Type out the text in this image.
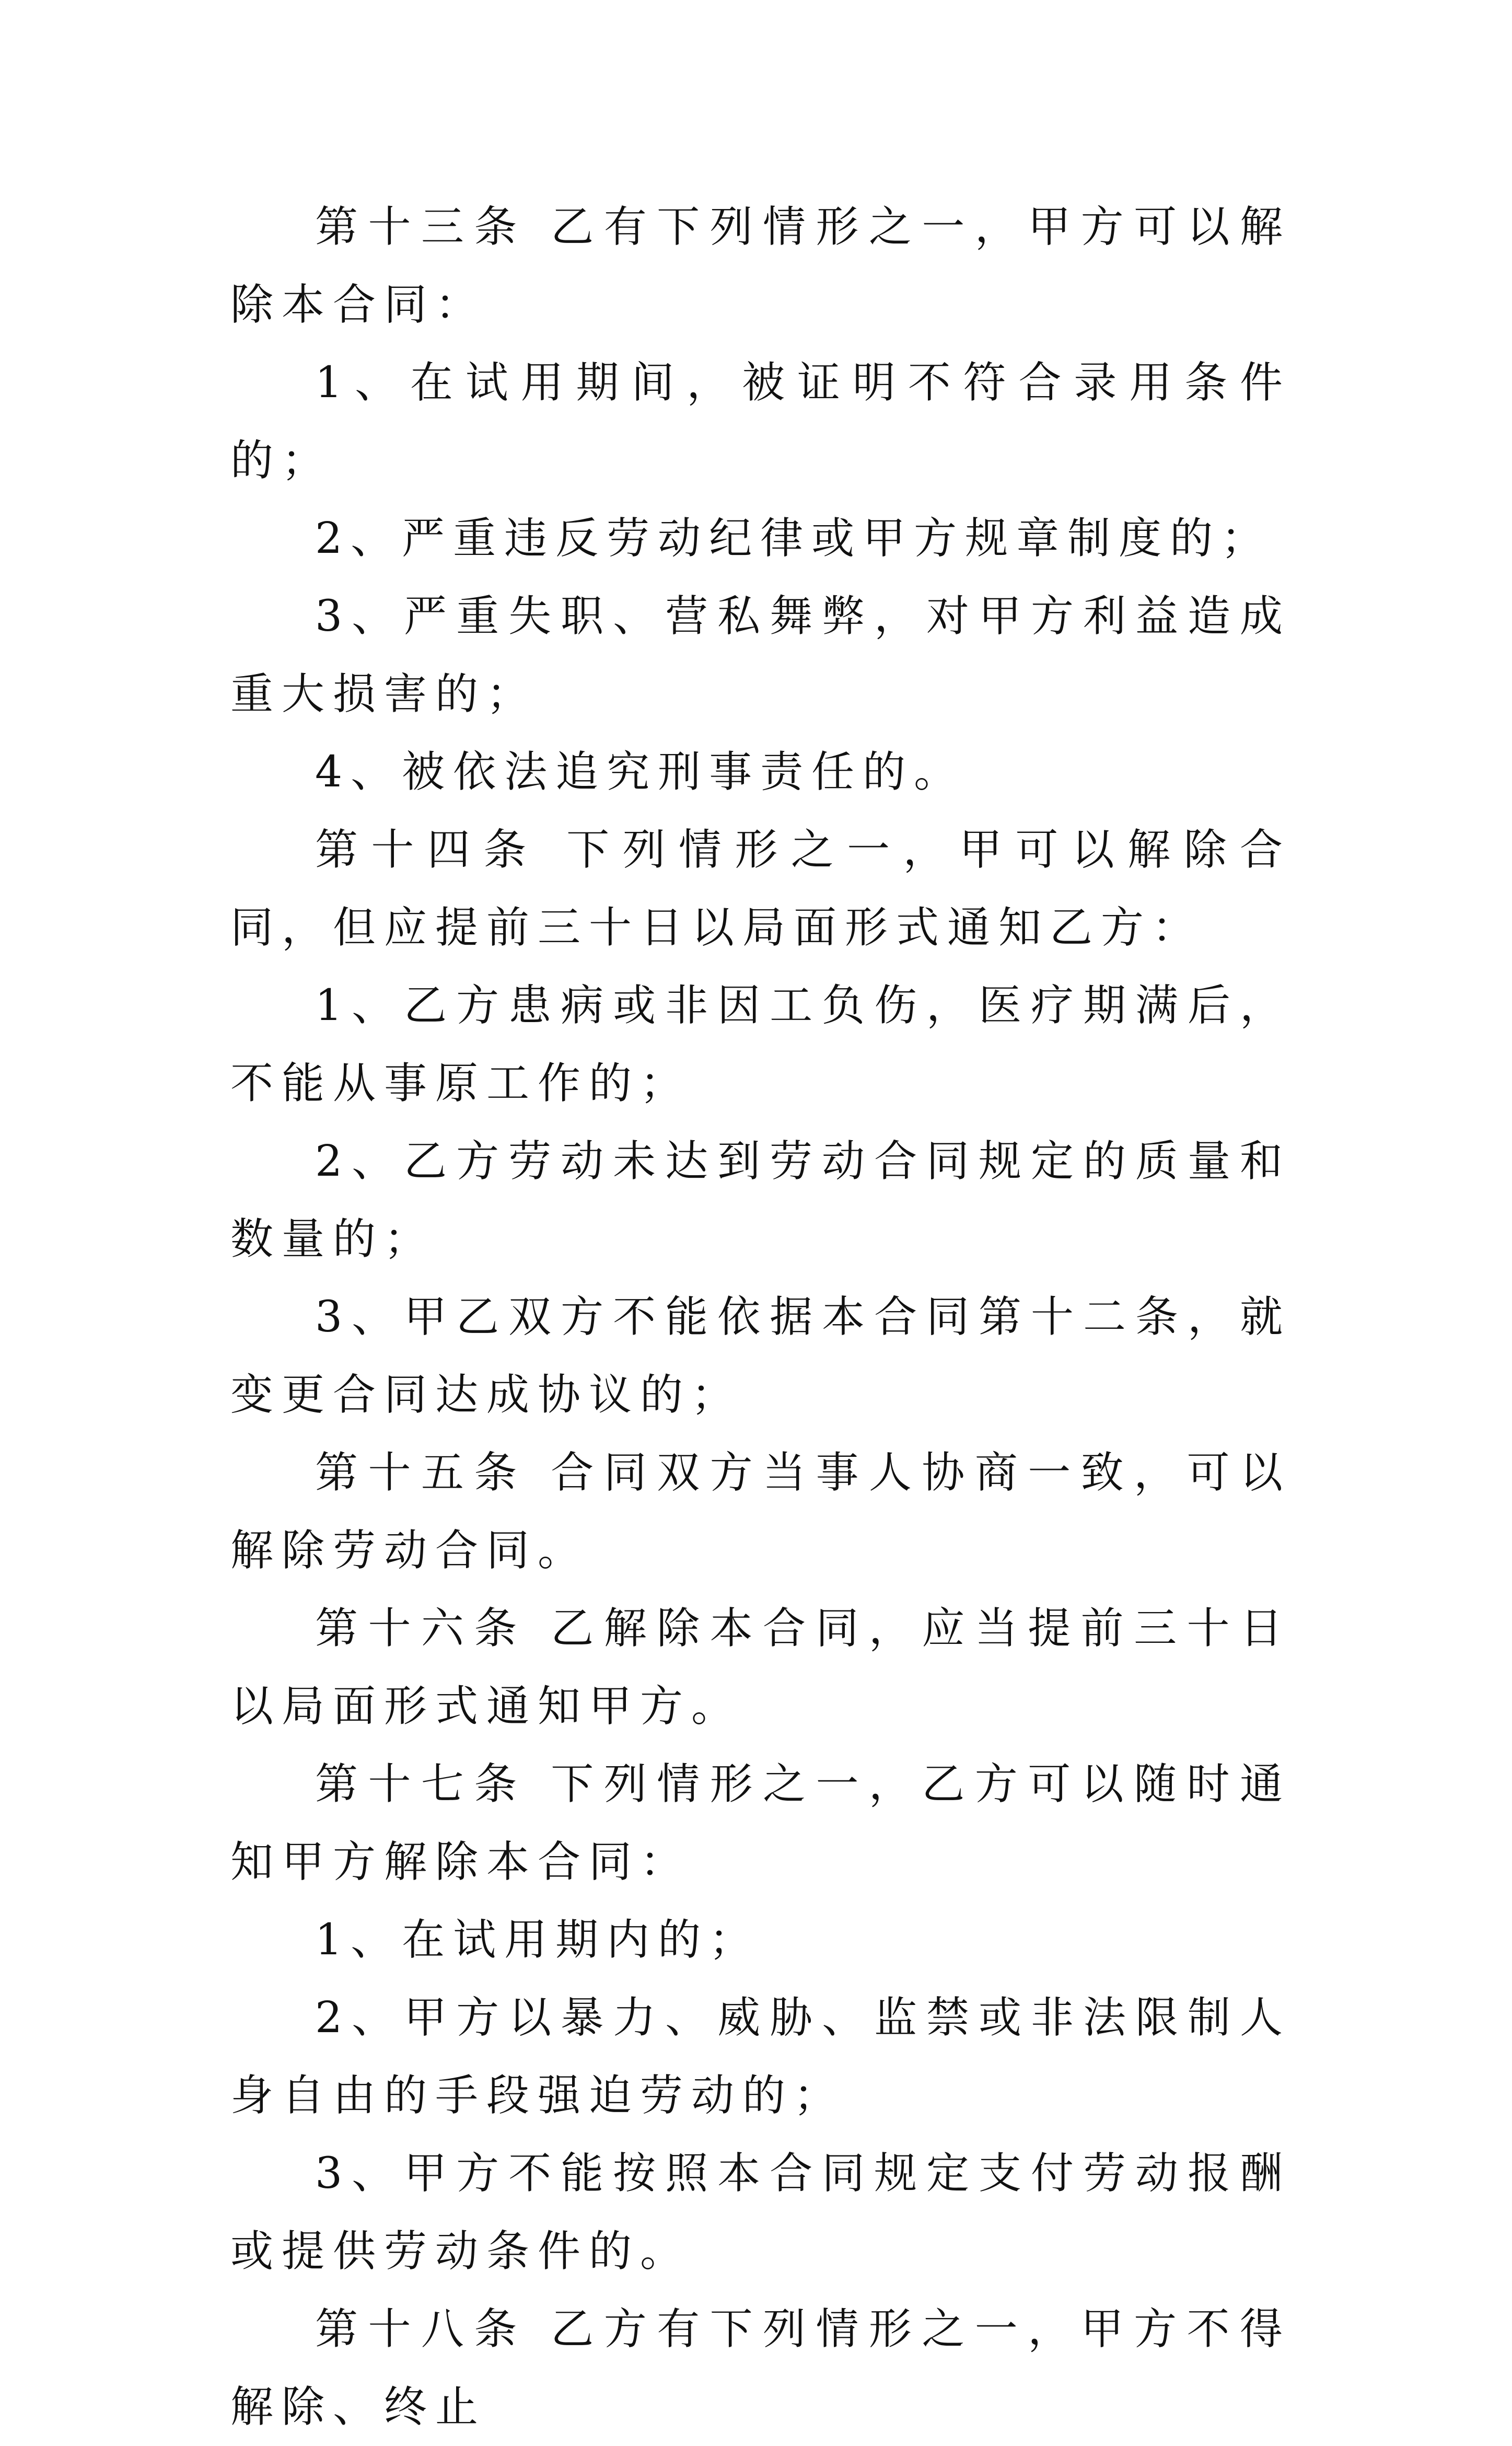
第十三条 乙有下列情形之一，甲方可以解除本合同：

1、在试用期间，被证明不符合录用条件的；

2、严重违反劳动纪律或甲方规章制度的；

3、严重失职、营私舞弊，对甲方利益造成重大损害的；

4、被依法追究刑事责任的。

第十四条 下列情形之一，甲可以解除合同，但应提前三十日以局面形式通知乙方：

1、乙方患病或非因工负伤，医疗期满后，不能从事原工作的；

2、乙方劳动未达到劳动合同规定的质量和数量的；

3、甲乙双方不能依据本合同第十二条，就变更合同达成协议的；

第十五条 合同双方当事人协商一致，可以解除劳动合同。

第十六条 乙解除本合同，应当提前三十日以局面形式通知甲方。

第十七条 下列情形之一，乙方可以随时通知甲方解除本合同：

1、在试用期内的；

2、甲方以暴力、威胁、监禁或非法限制人身自由的手段强迫劳动的；

3、甲方不能按照本合同规定支付劳动报酬或提供劳动条件的。

第十八条 乙方有下列情形之一，甲方不得解除、终止
